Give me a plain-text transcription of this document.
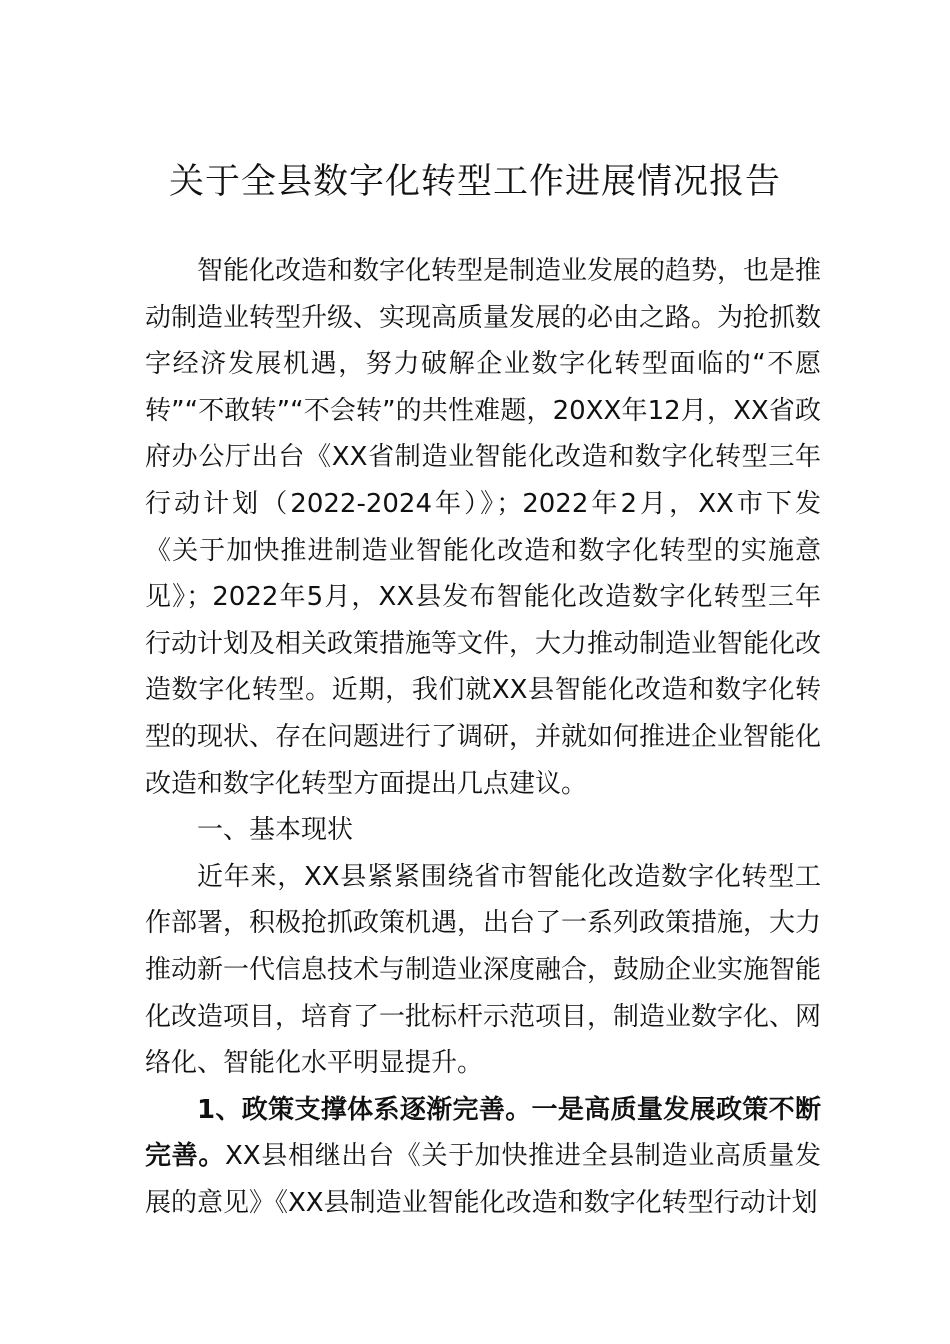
关于全县数字化转型工作进展情况报告

智能化改造和数字化转型是制造业发展的趋势，也是推动制造业转型升级、实现高质量发展的必由之路。为抢抓数字经济发展机遇，努力破解企业数字化转型面临的“不愿转”“不敢转”“不会转”的共性难题，20XX年12月，XX省政府办公厅出台《XX省制造业智能化改造和数字化转型三年行动计划（2022-2024年）》；2022年2月，XX市下发《关于加快推进制造业智能化改造和数字化转型的实施意见》；2022年5月，XX县发布智能化改造数字化转型三年行动计划及相关政策措施等文件，大力推动制造业智能化改造数字化转型。近期，我们就XX县智能化改造和数字化转型的现状、存在问题进行了调研，并就如何推进企业智能化改造和数字化转型方面提出几点建议。

一、基本现状

近年来，XX县紧紧围绕省市智能化改造数字化转型工作部署，积极抢抓政策机遇，出台了一系列政策措施，大力推动新一代信息技术与制造业深度融合，鼓励企业实施智能化改造项目，培育了一批标杆示范项目，制造业数字化、网络化、智能化水平明显提升。

1、政策支撑体系逐渐完善。一是高质量发展政策不断完善。XX县相继出台《关于加快推进全县制造业高质量发展的意见》《XX县制造业智能化改造和数字化转型行动计划
